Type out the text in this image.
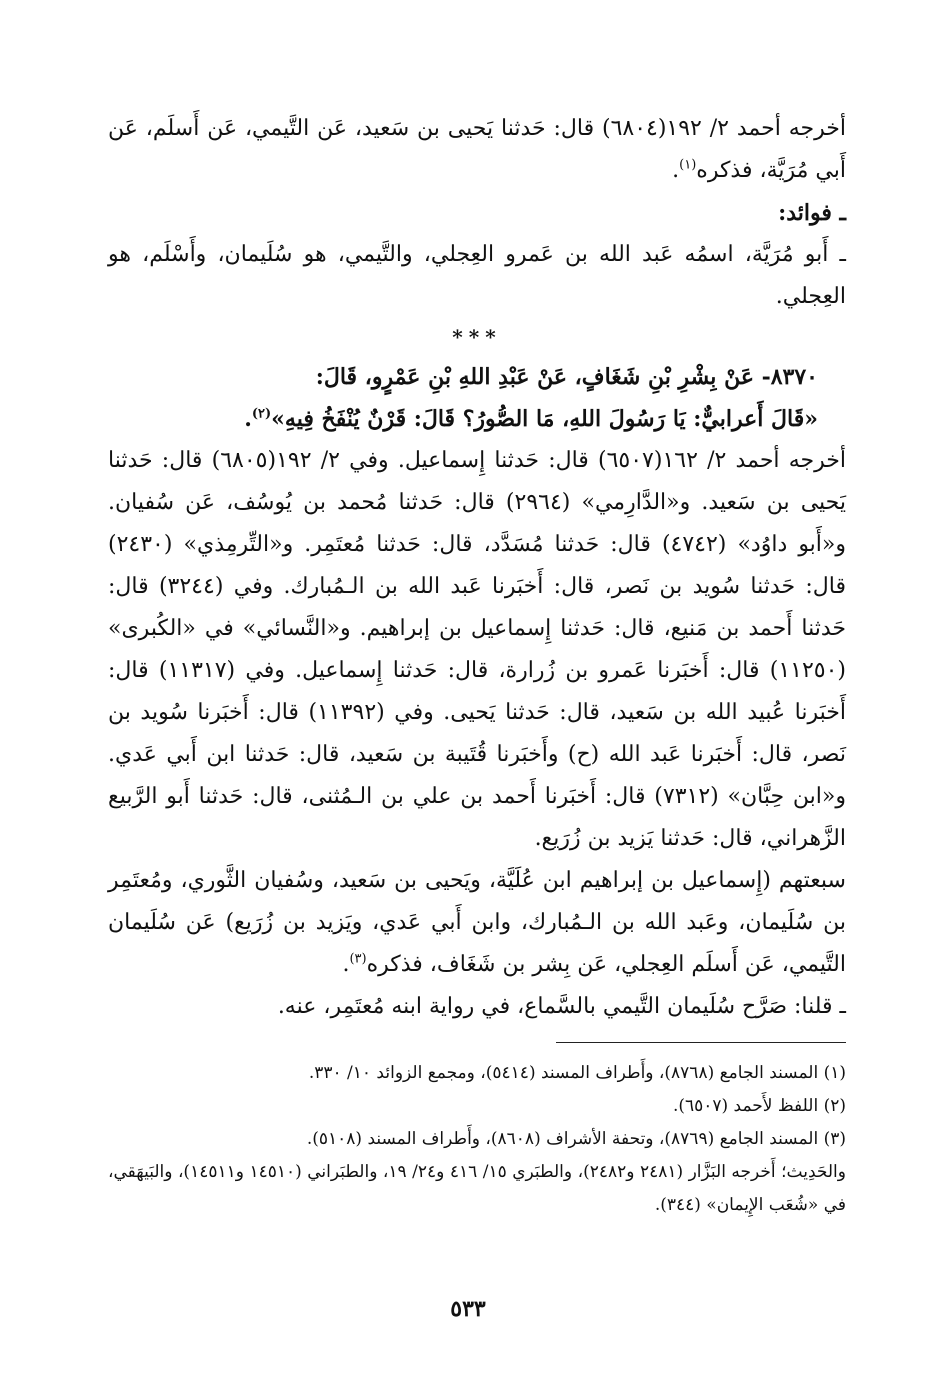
أخرجه أحمد ٢/ ١٩٢(٦٨٠٤) قال: حَدثنا يَحيى بن سَعيد، عَن التَّيمي، عَن أَسلَم، عَن أَبي مُرَيَّة، فذكره$^{(١)}$.

ـ فوائد:

ـ أَبو مُرَيَّة، اسمُه عَبد الله بن عَمرو العِجلي، والتَّيمي، هو سُلَيمان، وأَسْلَم، هو العِجلي.

***

٨٣٧٠- عَنْ بِشْرِ بْنِ شَغَافٍ، عَنْ عَبْدِ اللهِ بْنِ عَمْرٍو، قَالَ:

«قَالَ أَعرابيٌّ: يَا رَسُولَ اللهِ، مَا الصُّورُ؟ قَالَ: قَرْنٌ يُنْفَخُ فِيهِ»$^{(٢)}$.

أخرجه أحمد ٢/ ١٦٢(٦٥٠٧) قال: حَدثنا إِسماعيل. وفي ٢/ ١٩٢(٦٨٠٥) قال: حَدثنا يَحيى بن سَعيد. و«الدَّارِمي» (٢٩٦٤) قال: حَدثنا مُحمد بن يُوسُف، عَن سُفيان. و«أَبو داوُد» (٤٧٤٢) قال: حَدثنا مُسَدَّد، قال: حَدثنا مُعتَمِر. و«التِّرمِذي» (٢٤٣٠) قال: حَدثنا سُويد بن نَصر، قال: أَخبَرنا عَبد الله بن الـمُبارك. وفي (٣٢٤٤) قال: حَدثنا أَحمد بن مَنيع، قال: حَدثنا إِسماعيل بن إبراهيم. و«النَّسائي» في «الكُبرى» (١١٢٥٠) قال: أَخبَرنا عَمرو بن زُرارة، قال: حَدثنا إِسماعيل. وفي (١١٣١٧) قال: أَخبَرنا عُبيد الله بن سَعيد، قال: حَدثنا يَحيى. وفي (١١٣٩٢) قال: أَخبَرنا سُويد بن نَصر، قال: أَخبَرنا عَبد الله (ح) وأَخبَرنا قُتَيبة بن سَعيد، قال: حَدثنا ابن أَبي عَدي. و«ابن حِبَّان» (٧٣١٢) قال: أَخبَرنا أَحمد بن علي بن الـمُثنى، قال: حَدثنا أَبو الرَّبيع الزَّهراني، قال: حَدثنا يَزيد بن زُرَيع.

سبعتهم (إِسماعيل بن إبراهيم ابن عُلَيَّة، ويَحيى بن سَعيد، وسُفيان الثَّوري، ومُعتَمِر بن سُلَيمان، وعَبد الله بن الـمُبارك، وابن أَبي عَدي، ويَزيد بن زُرَيع) عَن سُلَيمان التَّيمي، عَن أَسلَم العِجلي، عَن بِشر بن شَغَاف، فذكره$^{(٣)}$.

ـ قلنا: صَرَّح سُلَيمان التَّيمي بالسَّماع، في رواية ابنه مُعتَمِر، عنه.

(١) المسند الجامع (٨٧٦٨)، وأَطراف المسند (٥٤١٤)، ومجمع الزوائد ١٠/ ٣٣٠.

(٢) اللفظ لأَحمد (٦٥٠٧).

(٣) المسند الجامع (٨٧٦٩)، وتحفة الأشراف (٨٦٠٨)، وأَطراف المسند (٥١٠٨).

والحَدِيث؛ أَخرجه البَزَّار (٢٤٨١ و٢٤٨٢)، والطبَري ١٥/ ٤١٦ و٢٤/ ١٩، والطبَراني (١٤٥١٠ و١٤٥١١)، والبَيهَقي، في «شُعَب الإِيمان» (٣٤٤).

٥٣٣
